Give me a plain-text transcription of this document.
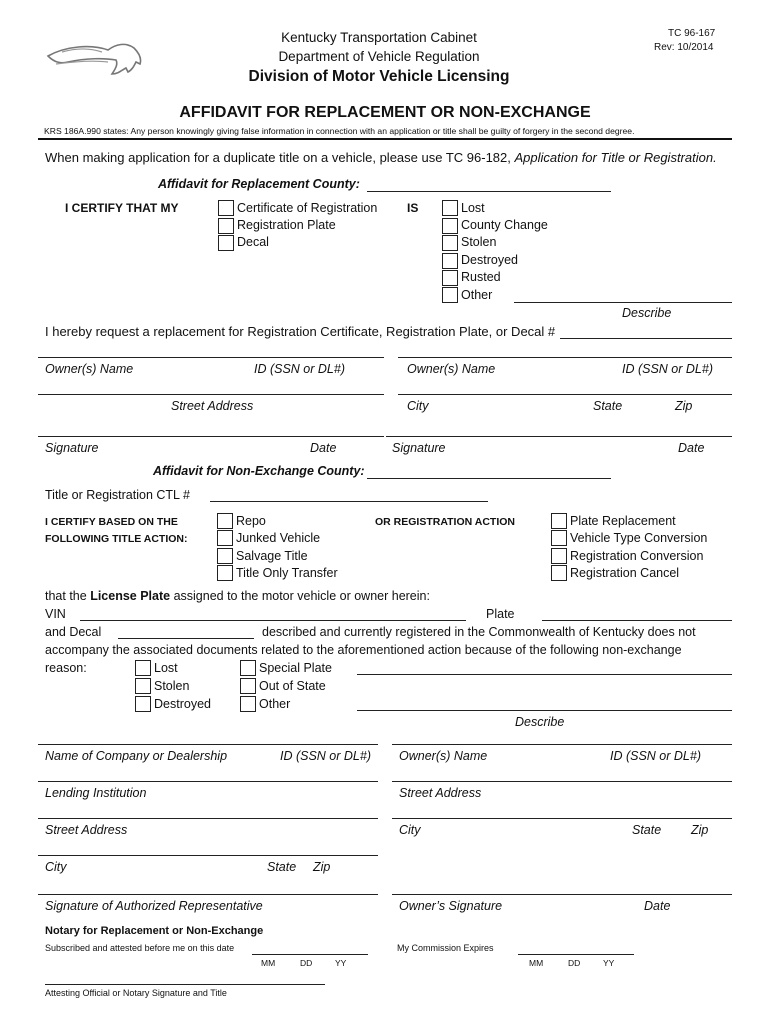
Kentucky Transportation Cabinet
Department of Vehicle Regulation
Division of Motor Vehicle Licensing
TC 96-167
Rev: 10/2014
AFFIDAVIT FOR REPLACEMENT OR NON-EXCHANGE
KRS 186A.990 states: Any person knowingly giving false information in connection with an application or title shall be guilty of forgery in the second degree.
When making application for a duplicate title on a vehicle, please use TC 96-182, Application for Title or Registration.
Affidavit for Replacement County:
I CERTIFY THAT MY	Certificate of Registration
Registration Plate
Decal
IS	Lost
County Change
Stolen
Destroyed
Rusted
Other
Describe
I hereby request a replacement for Registration Certificate, Registration Plate, or Decal #
Owner(s) Name	ID (SSN or DL#)	Owner(s) Name	ID (SSN or DL#)
Street Address	City	State	Zip
Signature	Date	Signature	Date
Affidavit for Non-Exchange County:
Title or Registration CTL #
I CERTIFY BASED ON THE
FOLLOWING TITLE ACTION:
Repo
Junked Vehicle
Salvage Title
Title Only Transfer
OR REGISTRATION ACTION	Plate Replacement
Vehicle Type Conversion
Registration Conversion
Registration Cancel
that the License Plate assigned to the motor vehicle or owner herein:
VIN	Plate
and Decal	described and currently registered in the Commonwealth of Kentucky does not
accompany the associated documents related to the aforementioned action because of the following non-exchange
reason:	Lost
Stolen
Destroyed
Special Plate
Out of State
Other
Describe
Name of Company or Dealership	ID (SSN or DL#) Owner(s) Name	ID (SSN or DL#)
Lending Institution	Street Address
Street Address	City	State Zip
City	State Zip
Signature of Authorized Representative	Owner’s Signature	Date
Notary for Replacement or Non-Exchange
Subscribed and attested before me on this date	My Commission Expires
MM	DD	YY	MM	DD	YY
Attesting Official or Notary Signature and Title
